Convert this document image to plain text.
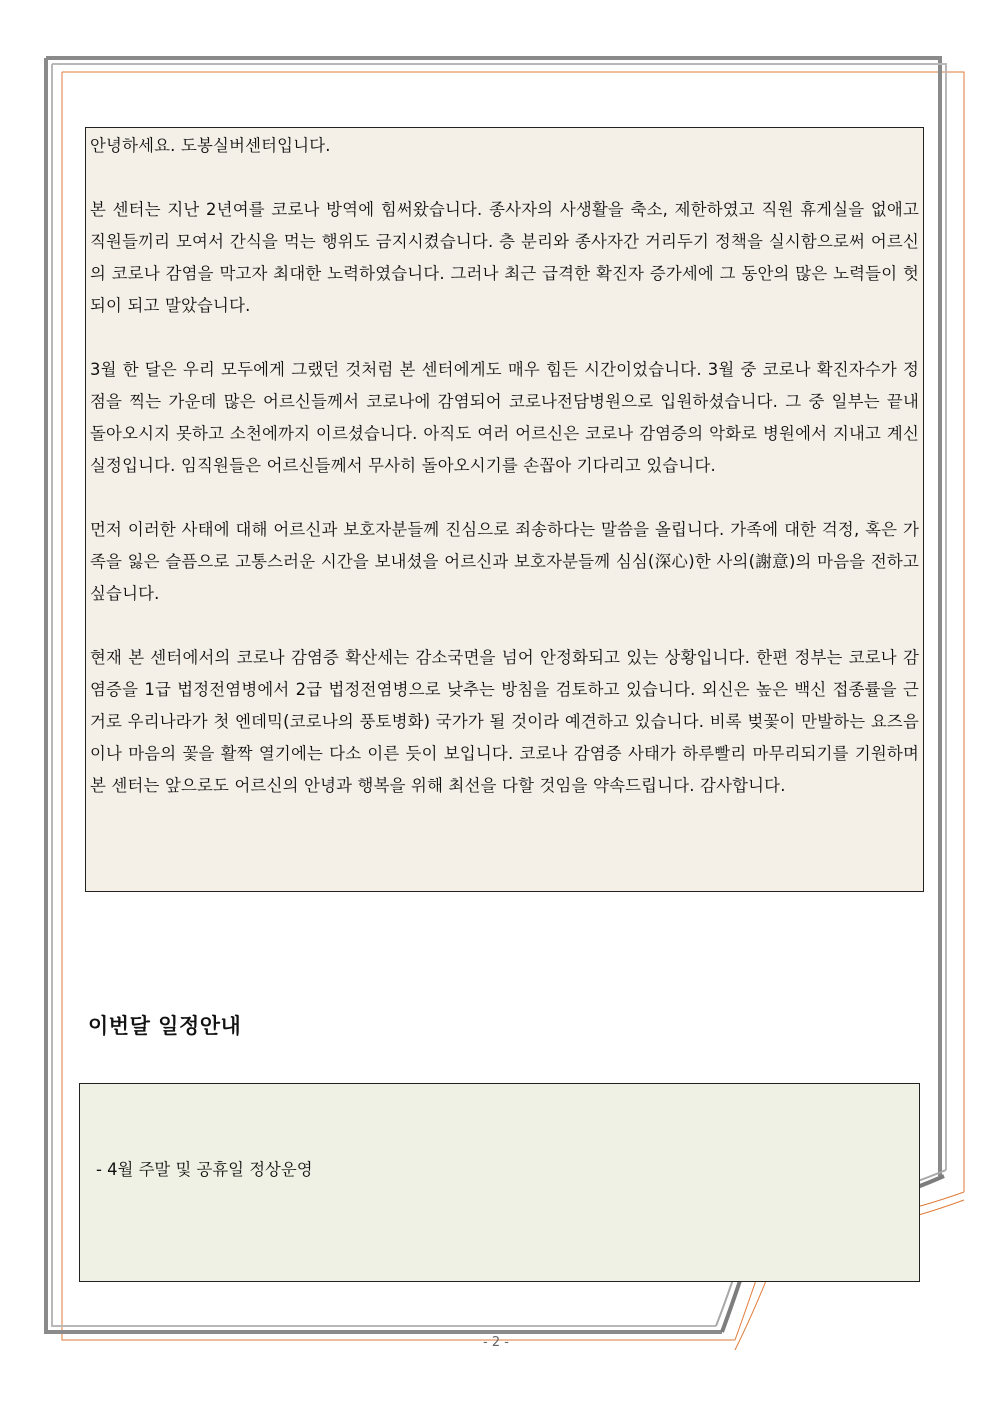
안녕하세요. 도봉실버센터입니다.

본 센터는 지난 2년여를 코로나 방역에 힘써왔습니다. 종사자의 사생활을 축소, 제한하였고 직원 휴게실을 없애고 직원들끼리 모여서 간식을 먹는 행위도 금지시켰습니다. 층 분리와 종사자간 거리두기 정책을 실시함으로써 어르신의 코로나 감염을 막고자 최대한 노력하였습니다. 그러나 최근 급격한 확진자 증가세에 그 동안의 많은 노력들이 헛되이 되고 말았습니다.

3월 한 달은 우리 모두에게 그랬던 것처럼 본 센터에게도 매우 힘든 시간이었습니다. 3월 중 코로나 확진자수가 정점을 찍는 가운데 많은 어르신들께서 코로나에 감염되어 코로나전담병원으로 입원하셨습니다. 그 중 일부는 끝내 돌아오시지 못하고 소천에까지 이르셨습니다. 아직도 여러 어르신은 코로나 감염증의 악화로 병원에서 지내고 계신 실정입니다. 임직원들은 어르신들께서 무사히 돌아오시기를 손꼽아 기다리고 있습니다.

먼저 이러한 사태에 대해 어르신과 보호자분들께 진심으로 죄송하다는 말씀을 올립니다. 가족에 대한 걱정, 혹은 가족을 잃은 슬픔으로 고통스러운 시간을 보내셨을 어르신과 보호자분들께 심심(深心)한 사의(謝意)의 마음을 전하고 싶습니다.

현재 본 센터에서의 코로나 감염증 확산세는 감소국면을 넘어 안정화되고 있는 상황입니다. 한편 정부는 코로나 감염증을 1급 법정전염병에서 2급 법정전염병으로 낮추는 방침을 검토하고 있습니다. 외신은 높은 백신 접종률을 근거로 우리나라가 첫 엔데믹(코로나의 풍토병화) 국가가 될 것이라 예견하고 있습니다. 비록 벚꽃이 만발하는 요즈음이나 마음의 꽃을 활짝 열기에는 다소 이른 듯이 보입니다. 코로나 감염증 사태가 하루빨리 마무리되기를 기원하며 본 센터는 앞으로도 어르신의 안녕과 행복을 위해 최선을 다할 것임을 약속드립니다. 감사합니다.

이번달 일정안내

- 4월 주말 및 공휴일 정상운영

- 2 -
